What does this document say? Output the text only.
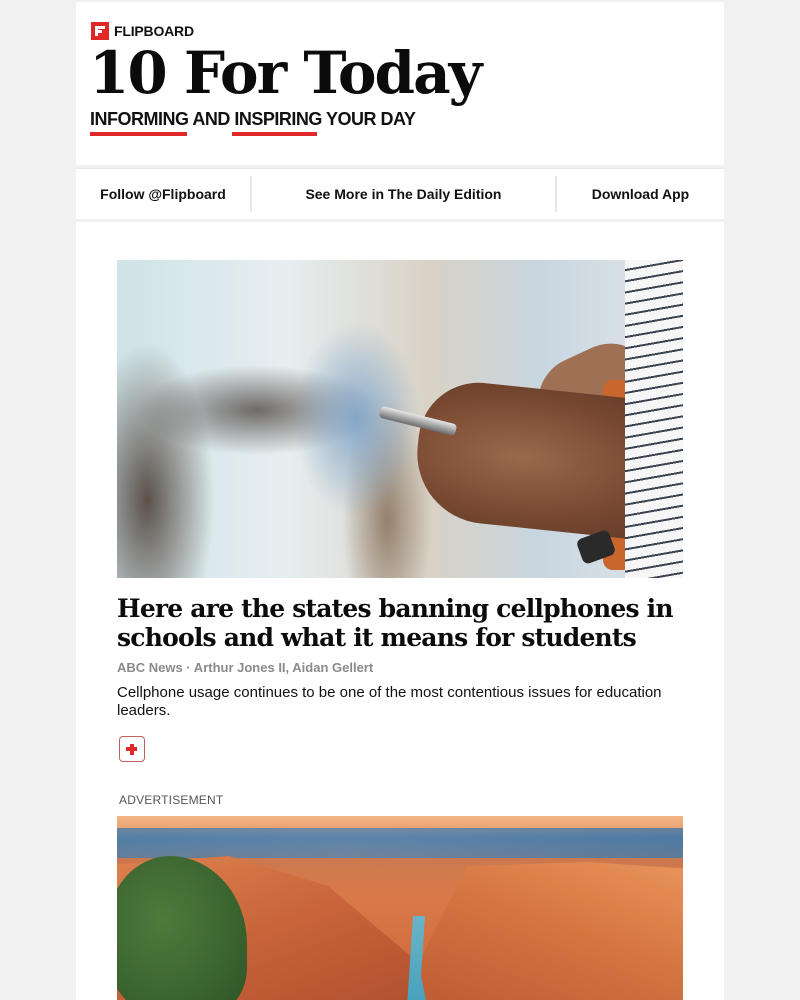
FLIPBOARD
10 For Today
INFORMING AND INSPIRING YOUR DAY
Follow @Flipboard	See More in The Daily Edition	Download App
Here are the states banning cellphones in schools and what it means for students
ABC News · Arthur Jones II, Aidan Gellert
Cellphone usage continues to be one of the most contentious issues for education leaders.
ADVERTISEMENT
